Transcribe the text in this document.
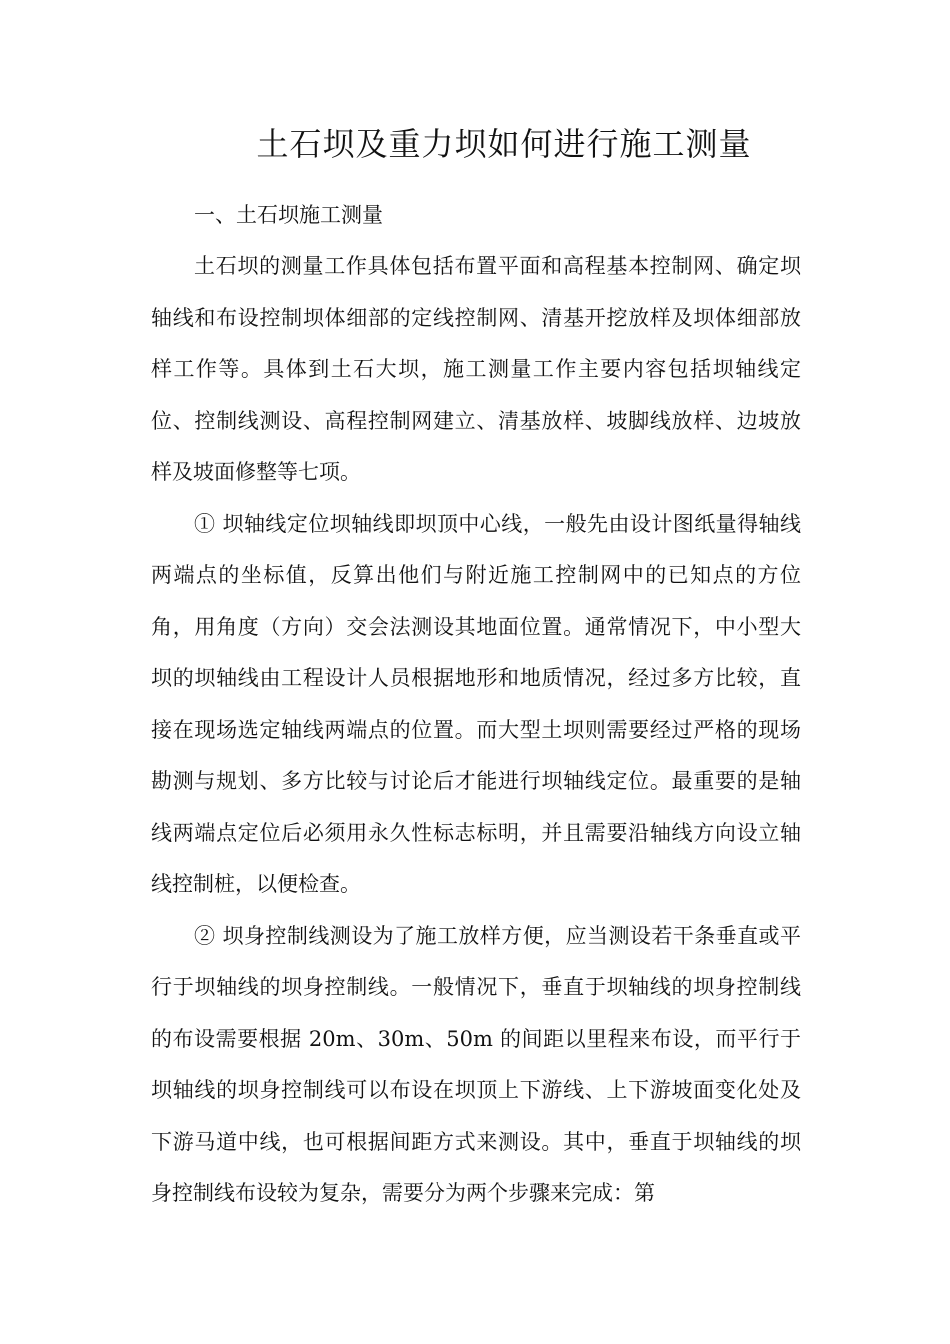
土石坝及重力坝如何进行施工测量
一、土石坝施工测量

土石坝的测量工作具体包括布置平面和高程基本控制网、确定坝轴线和布设控制坝体细部的定线控制网、清基开挖放样及坝体细部放样工作等。具体到土石大坝，施工测量工作主要内容包括坝轴线定位、控制线测设、高程控制网建立、清基放样、坡脚线放样、边坡放样及坡面修整等七项。

① 坝轴线定位坝轴线即坝顶中心线，一般先由设计图纸量得轴线两端点的坐标值，反算出他们与附近施工控制网中的已知点的方位角，用角度（方向）交会法测设其地面位置。通常情况下，中小型大坝的坝轴线由工程设计人员根据地形和地质情况，经过多方比较，直接在现场选定轴线两端点的位置。而大型土坝则需要经过严格的现场勘测与规划、多方比较与讨论后才能进行坝轴线定位。最重要的是轴线两端点定位后必须用永久性标志标明，并且需要沿轴线方向设立轴线控制桩，以便检查。

② 坝身控制线测设为了施工放样方便，应当测设若干条垂直或平行于坝轴线的坝身控制线。一般情况下，垂直于坝轴线的坝身控制线的布设需要根据 20m、30m、50m 的间距以里程来布设，而平行于坝轴线的坝身控制线可以布设在坝顶上下游线、上下游坡面变化处及下游马道中线，也可根据间距方式来测设。其中，垂直于坝轴线的坝身控制线布设较为复杂，需要分为两个步骤来完成：第
